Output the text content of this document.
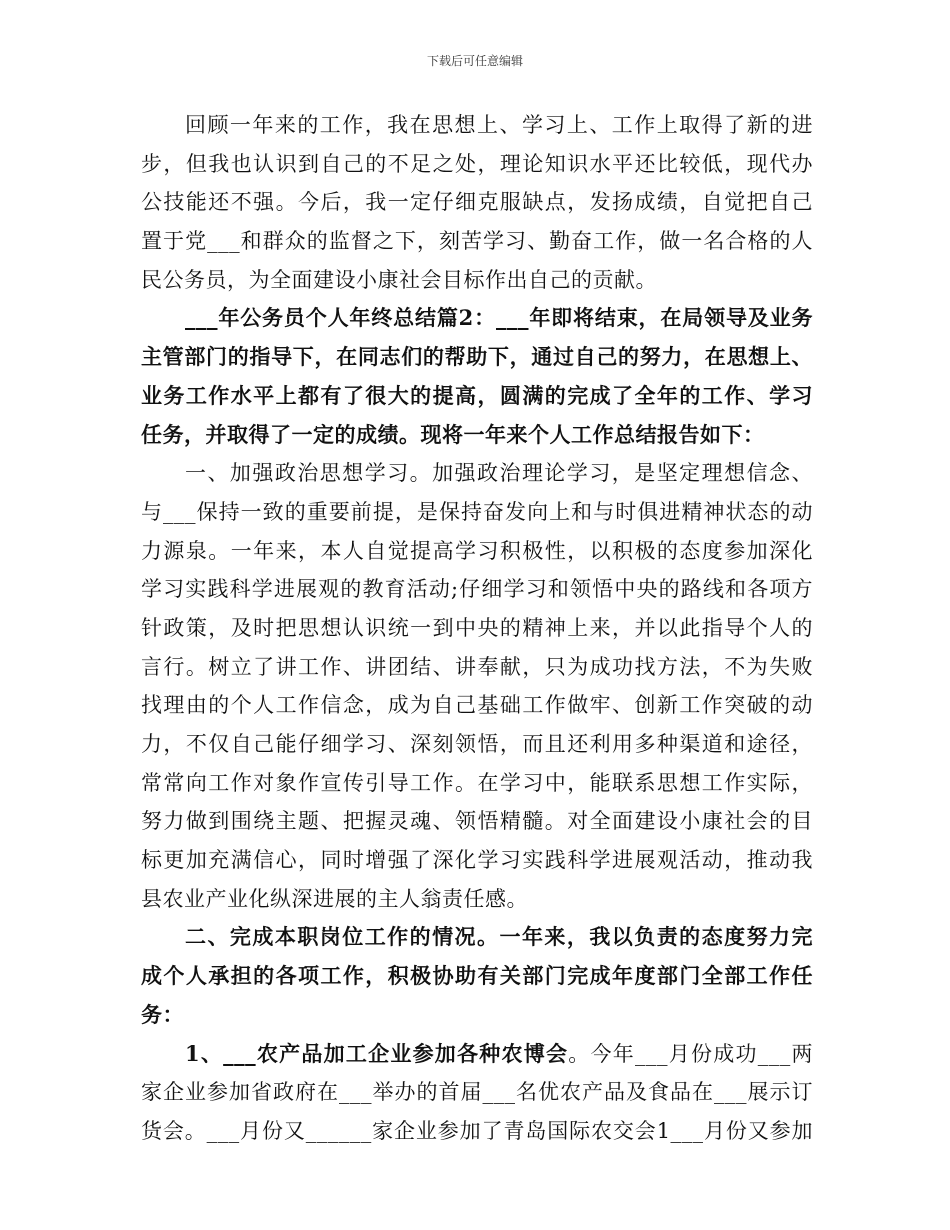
下载后可任意编辑
回顾一年来的工作，我在思想上、学习上、工作上取得了新的进
步，但我也认识到自己的不足之处，理论知识水平还比较低，现代办
公技能还不强。今后，我一定仔细克服缺点，发扬成绩，自觉把自己
置于党___和群众的监督之下，刻苦学习、勤奋工作，做一名合格的人
民公务员，为全面建设小康社会目标作出自己的贡献。
___年公务员个人年终总结篇2：___年即将结束，在局领导及业务
主管部门的指导下，在同志们的帮助下，通过自己的努力，在思想上、
业务工作水平上都有了很大的提高，圆满的完成了全年的工作、学习
任务，并取得了一定的成绩。现将一年来个人工作总结报告如下：
一、加强政治思想学习。加强政治理论学习，是坚定理想信念、
与___保持一致的重要前提，是保持奋发向上和与时俱进精神状态的动
力源泉。一年来，本人自觉提高学习积极性，以积极的态度参加深化
学习实践科学进展观的教育活动;仔细学习和领悟中央的路线和各项方
针政策，及时把思想认识统一到中央的精神上来，并以此指导个人的
言行。树立了讲工作、讲团结、讲奉献，只为成功找方法，不为失败
找理由的个人工作信念，成为自己基础工作做牢、创新工作突破的动
力，不仅自己能仔细学习、深刻领悟，而且还利用多种渠道和途径，
常常向工作对象作宣传引导工作。在学习中，能联系思想工作实际，
努力做到围绕主题、把握灵魂、领悟精髓。对全面建设小康社会的目
标更加充满信心，同时增强了深化学习实践科学进展观活动，推动我
县农业产业化纵深进展的主人翁责任感。
二、完成本职岗位工作的情况。一年来，我以负责的态度努力完
成个人承担的各项工作，积极协助有关部门完成年度部门全部工作任
务：
1、___农产品加工企业参加各种农博会。今年___月份成功___两
家企业参加省政府在___举办的首届___名优农产品及食品在___展示订
货会。___月份又______家企业参加了青岛国际农交会1___月份又参加
